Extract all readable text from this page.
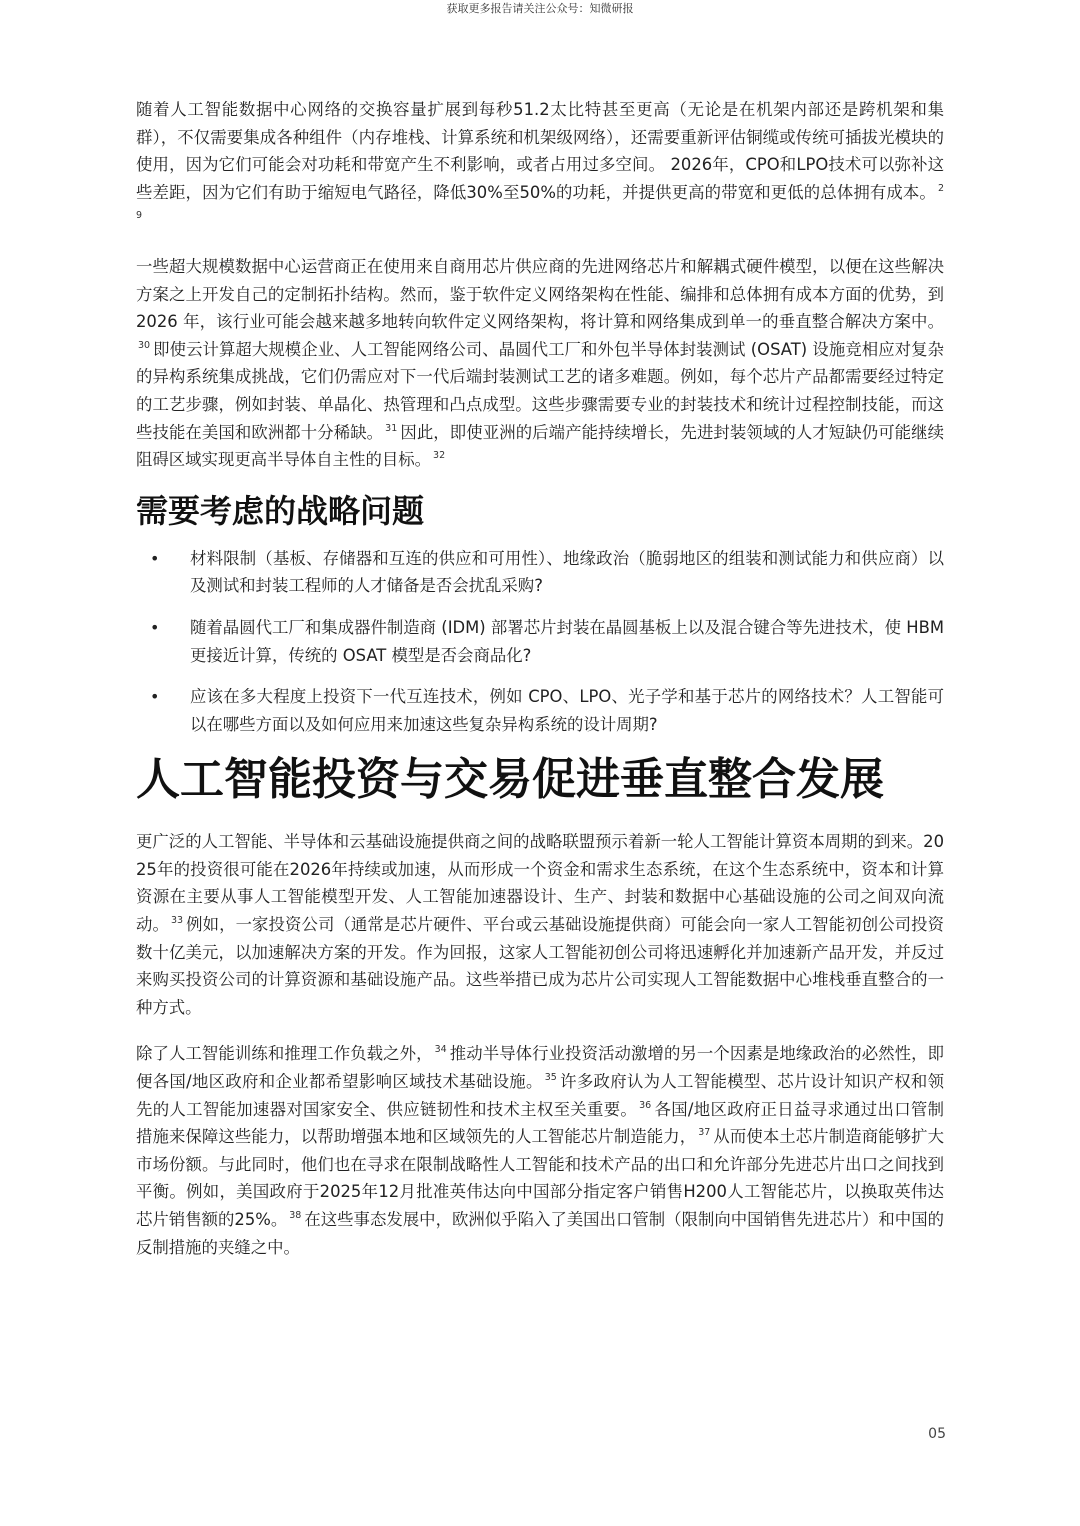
获取更多报告请关注公众号：知微研报

随着人工智能数据中心网络的交换容量扩展到每秒51.2太比特甚至更高（无论是在机架内部还是跨机架和集群），不仅需要集成各种组件（内存堆栈、计算系统和机架级网络），还需要重新评估铜缆或传统可插拔光模块的使用，因为它们可能会对功耗和带宽产生不利影响，或者占用过多空间。 2026年，CPO和LPO技术可以弥补这些差距，因为它们有助于缩短电气路径，降低30%至50%的功耗，并提供更高的带宽和更低的总体拥有成本。 $^{29}$

一些超大规模数据中心运营商正在使用来自商用芯片供应商的先进网络芯片和解耦式硬件模型，以便在这些解决方案之上开发自己的定制拓扑结构。然而，鉴于软件定义网络架构在性能、编排和总体拥有成本方面的优势，到 2026 年，该行业可能会越来越多地转向软件定义网络架构，将计算和网络集成到单一的垂直整合解决方案中。$^{30}$ 即使云计算超大规模企业、人工智能网络公司、晶圆代工厂和外包半导体封装测试 (OSAT) 设施竞相应对复杂的异构系统集成挑战，它们仍需应对下一代后端封装测试工艺的诸多难题。例如，每个芯片产品都需要经过特定的工艺步骤，例如封装、单晶化、热管理和凸点成型。这些步骤需要专业的封装技术和统计过程控制技能，而这些技能在美国和欧洲都十分稀缺。 $^{31}$ 因此，即使亚洲的后端产能持续增长，先进封装领域的人才短缺仍可能继续阻碍区域实现更高半导体自主性的目标。 $^{32}$

需要考虑的战略问题
• 材料限制（基板、存储器和互连的供应和可用性）、地缘政治（脆弱地区的组装和测试能力和供应商）以及测试和封装工程师的人才储备是否会扰乱采购?
• 随着晶圆代工厂和集成器件制造商 (IDM) 部署芯片封装在晶圆基板上以及混合键合等先进技术，使 HBM 更接近计算，传统的 OSAT 模型是否会商品化?
• 应该在多大程度上投资下一代互连技术，例如 CPO、LPO、光子学和基于芯片的网络技术？人工智能可以在哪些方面以及如何应用来加速这些复杂异构系统的设计周期?
人工智能投资与交易促进垂直整合发展

更广泛的人工智能、半导体和云基础设施提供商之间的战略联盟预示着新一轮人工智能计算资本周期的到来。2025年的投资很可能在2026年持续或加速，从而形成一个资金和需求生态系统，在这个生态系统中，资本和计算资源在主要从事人工智能模型开发、人工智能加速器设计、生产、封装和数据中心基础设施的公司之间双向流动。 $^{33}$ 例如，一家投资公司（通常是芯片硬件、平台或云基础设施提供商）可能会向一家人工智能初创公司投资数十亿美元，以加速解决方案的开发。作为回报，这家人工智能初创公司将迅速孵化并加速新产品开发，并反过来购买投资公司的计算资源和基础设施产品。这些举措已成为芯片公司实现人工智能数据中心堆栈垂直整合的一种方式。

除了人工智能训练和推理工作负载之外， $^{34}$ 推动半导体行业投资活动激增的另一个因素是地缘政治的必然性，即便各国/地区政府和企业都希望影响区域技术基础设施。 $^{35}$ 许多政府认为人工智能模型、芯片设计知识产权和领先的人工智能加速器对国家安全、供应链韧性和技术主权至关重要。 $^{36}$ 各国/地区政府正日益寻求通过出口管制措施来保障这些能力，以帮助增强本地和区域领先的人工智能芯片制造能力， $^{37}$ 从而使本土芯片制造商能够扩大市场份额。与此同时，他们也在寻求在限制战略性人工智能和技术产品的出口和允许部分先进芯片出口之间找到平衡。例如，美国政府于2025年12月批准英伟达向中国部分指定客户销售H200人工智能芯片，以换取英伟达芯片销售额的25%。 $^{38}$ 在这些事态发展中，欧洲似乎陷入了美国出口管制（限制向中国销售先进芯片）和中国的反制措施的夹缝之中。

05
